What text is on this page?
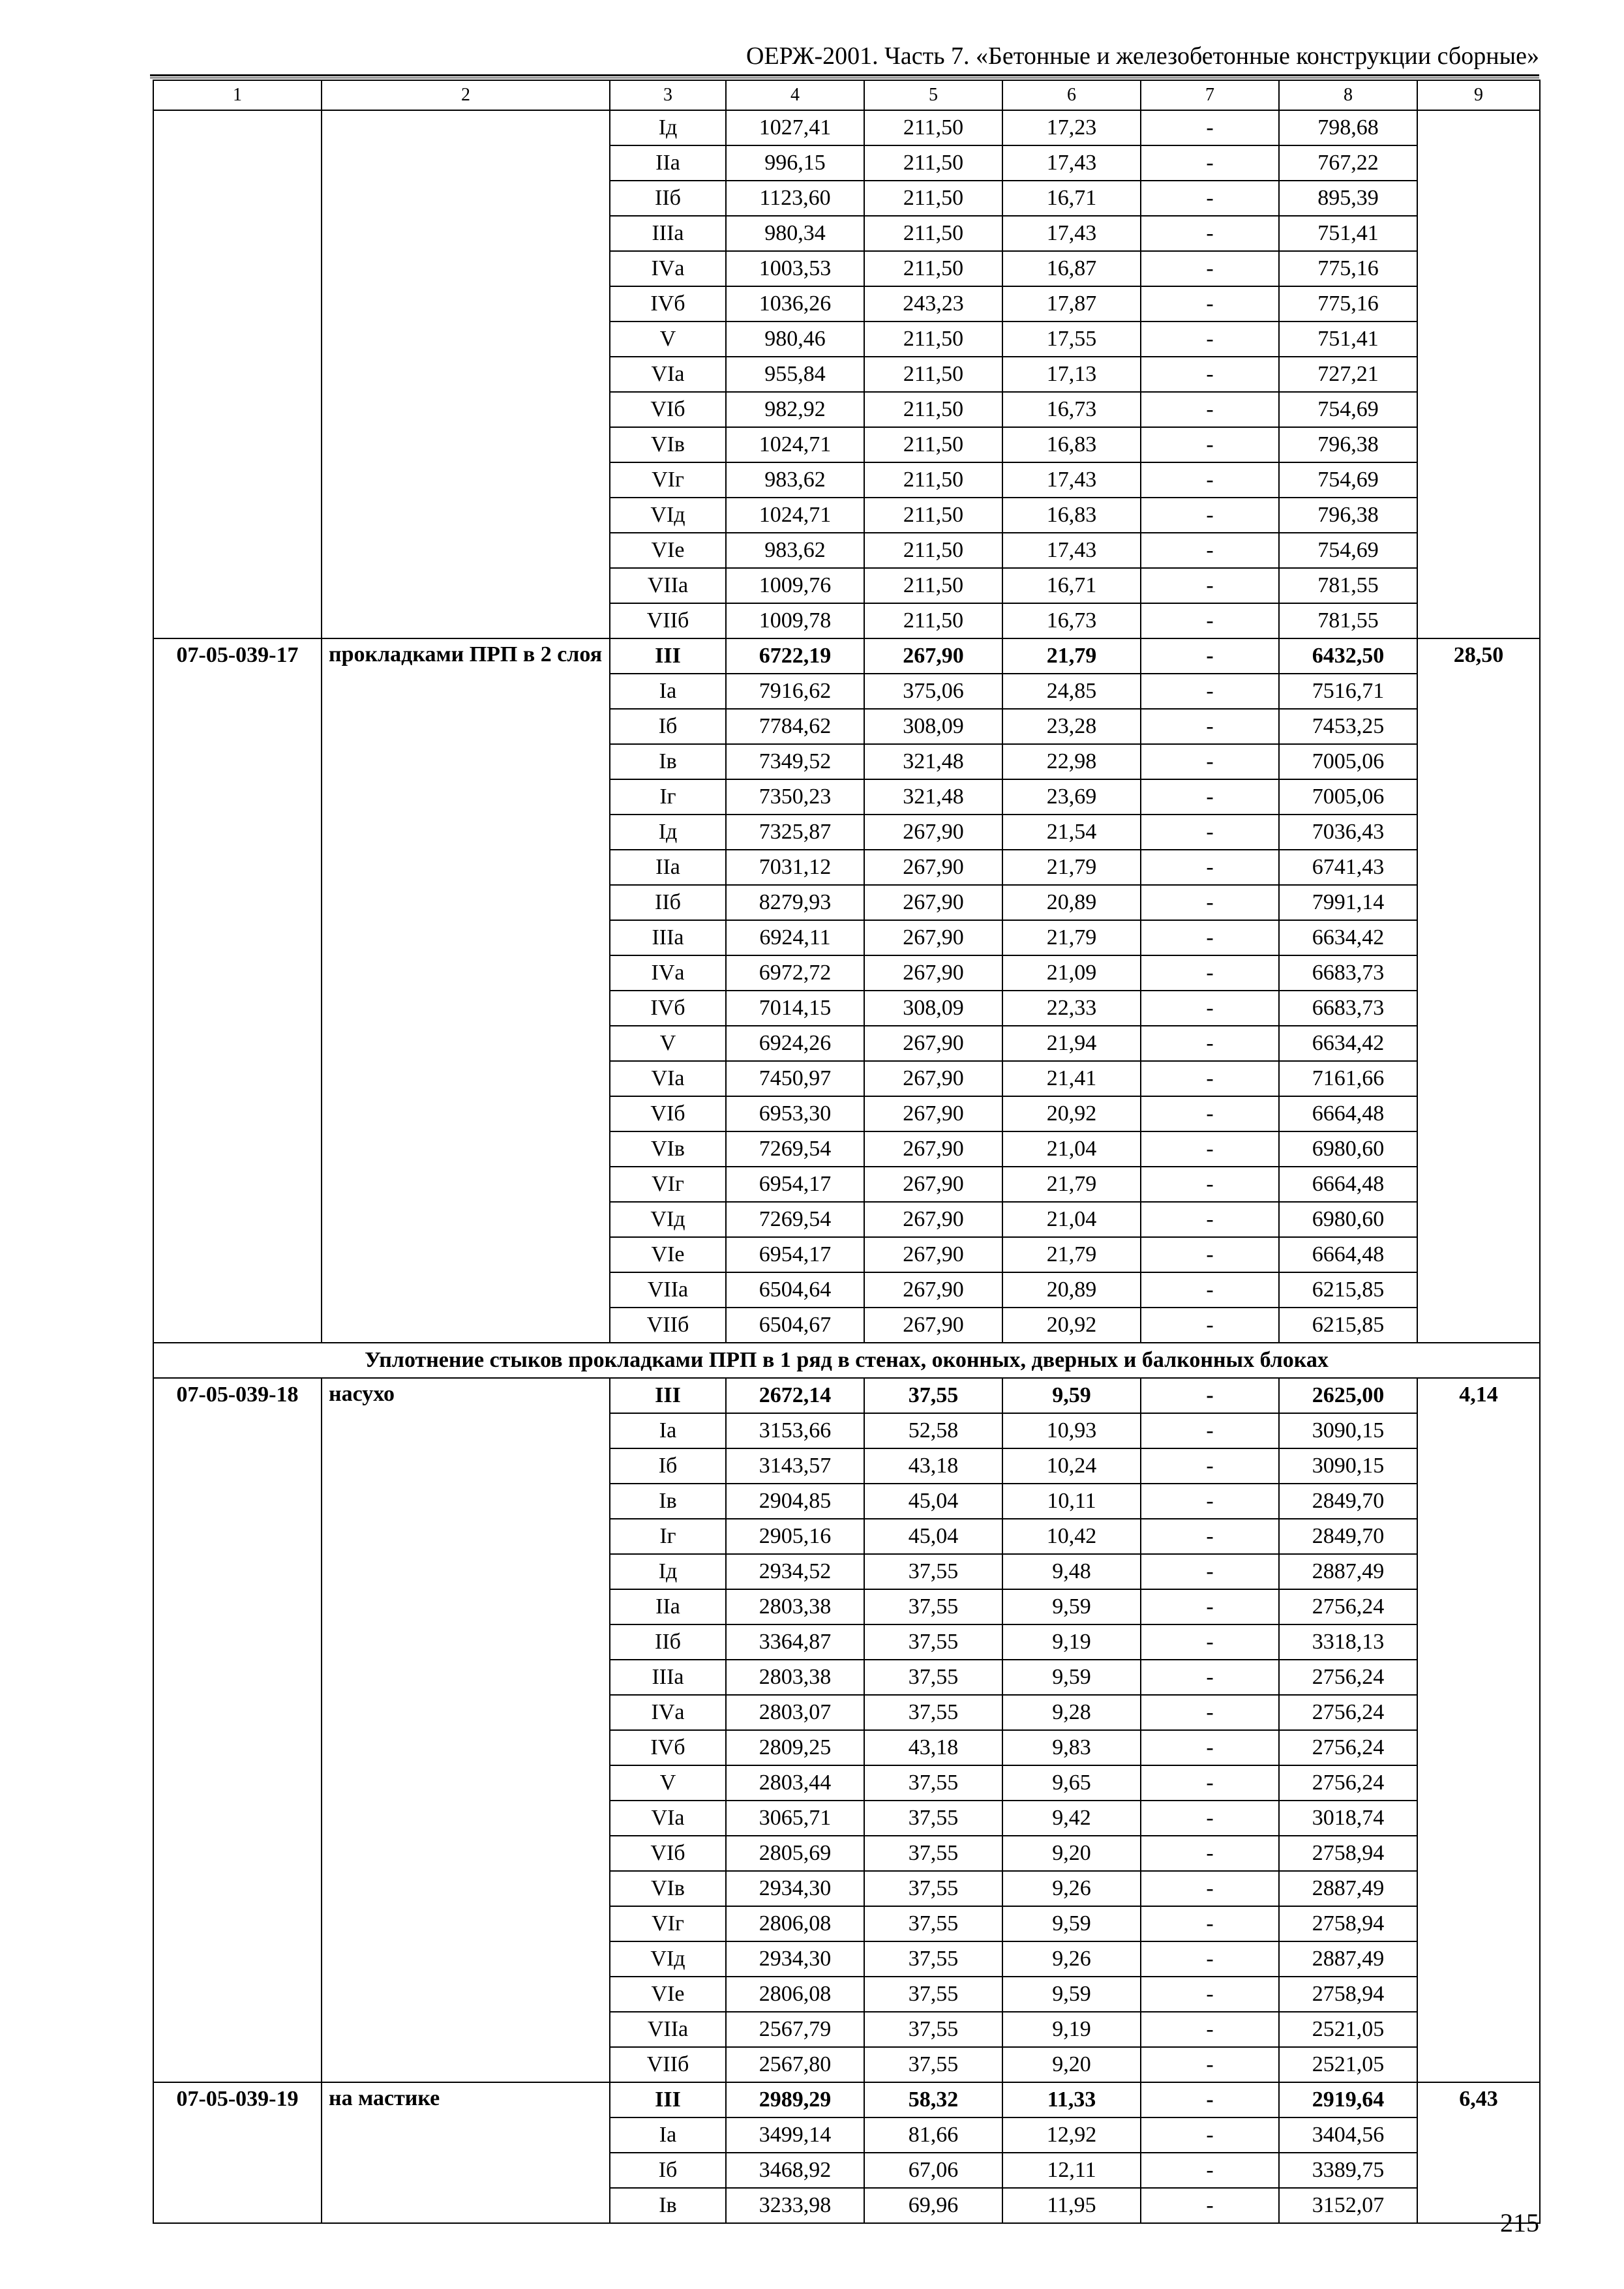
ОЕРЖ-2001. Часть 7. «Бетонные и железобетонные конструкции сборные»
1	2	3	4	5	6	7	8	9
		Iд	1027,41	211,50	17,23	-	798,68	
		IIа	996,15	211,50	17,43	-	767,22	
		IIб	1123,60	211,50	16,71	-	895,39	
		IIIа	980,34	211,50	17,43	-	751,41	
		IVа	1003,53	211,50	16,87	-	775,16	
		IVб	1036,26	243,23	17,87	-	775,16	
		V	980,46	211,50	17,55	-	751,41	
		VIа	955,84	211,50	17,13	-	727,21	
		VIб	982,92	211,50	16,73	-	754,69	
		VIв	1024,71	211,50	16,83	-	796,38	
		VIг	983,62	211,50	17,43	-	754,69	
		VIд	1024,71	211,50	16,83	-	796,38	
		VIе	983,62	211,50	17,43	-	754,69	
		VIIа	1009,76	211,50	16,71	-	781,55	
		VIIб	1009,78	211,50	16,73	-	781,55	
07-05-039-17	прокладками ПРП в 2 слоя	III	6722,19	267,90	21,79	-	6432,50	28,50
		Iа	7916,62	375,06	24,85	-	7516,71	
		Iб	7784,62	308,09	23,28	-	7453,25	
		Iв	7349,52	321,48	22,98	-	7005,06	
		Iг	7350,23	321,48	23,69	-	7005,06	
		Iд	7325,87	267,90	21,54	-	7036,43	
		IIа	7031,12	267,90	21,79	-	6741,43	
		IIб	8279,93	267,90	20,89	-	7991,14	
		IIIа	6924,11	267,90	21,79	-	6634,42	
		IVа	6972,72	267,90	21,09	-	6683,73	
		IVб	7014,15	308,09	22,33	-	6683,73	
		V	6924,26	267,90	21,94	-	6634,42	
		VIа	7450,97	267,90	21,41	-	7161,66	
		VIб	6953,30	267,90	20,92	-	6664,48	
		VIв	7269,54	267,90	21,04	-	6980,60	
		VIг	6954,17	267,90	21,79	-	6664,48	
		VIд	7269,54	267,90	21,04	-	6980,60	
		VIе	6954,17	267,90	21,79	-	6664,48	
		VIIа	6504,64	267,90	20,89	-	6215,85	
		VIIб	6504,67	267,90	20,92	-	6215,85	
Уплотнение стыков прокладками ПРП в 1 ряд в стенах, оконных, дверных и балконных блоках								
07-05-039-18	насухо	III	2672,14	37,55	9,59	-	2625,00	4,14
		Iа	3153,66	52,58	10,93	-	3090,15	
		Iб	3143,57	43,18	10,24	-	3090,15	
		Iв	2904,85	45,04	10,11	-	2849,70	
		Iг	2905,16	45,04	10,42	-	2849,70	
		Iд	2934,52	37,55	9,48	-	2887,49	
		IIа	2803,38	37,55	9,59	-	2756,24	
		IIб	3364,87	37,55	9,19	-	3318,13	
		IIIа	2803,38	37,55	9,59	-	2756,24	
		IVа	2803,07	37,55	9,28	-	2756,24	
		IVб	2809,25	43,18	9,83	-	2756,24	
		V	2803,44	37,55	9,65	-	2756,24	
		VIа	3065,71	37,55	9,42	-	3018,74	
		VIб	2805,69	37,55	9,20	-	2758,94	
		VIв	2934,30	37,55	9,26	-	2887,49	
		VIг	2806,08	37,55	9,59	-	2758,94	
		VIд	2934,30	37,55	9,26	-	2887,49	
		VIе	2806,08	37,55	9,59	-	2758,94	
		VIIа	2567,79	37,55	9,19	-	2521,05	
		VIIб	2567,80	37,55	9,20	-	2521,05	
07-05-039-19	на мастике	III	2989,29	58,32	11,33	-	2919,64	6,43
		Iа	3499,14	81,66	12,92	-	3404,56	
		Iб	3468,92	67,06	12,11	-	3389,75	
		Iв	3233,98	69,96	11,95	-	3152,07	
215
